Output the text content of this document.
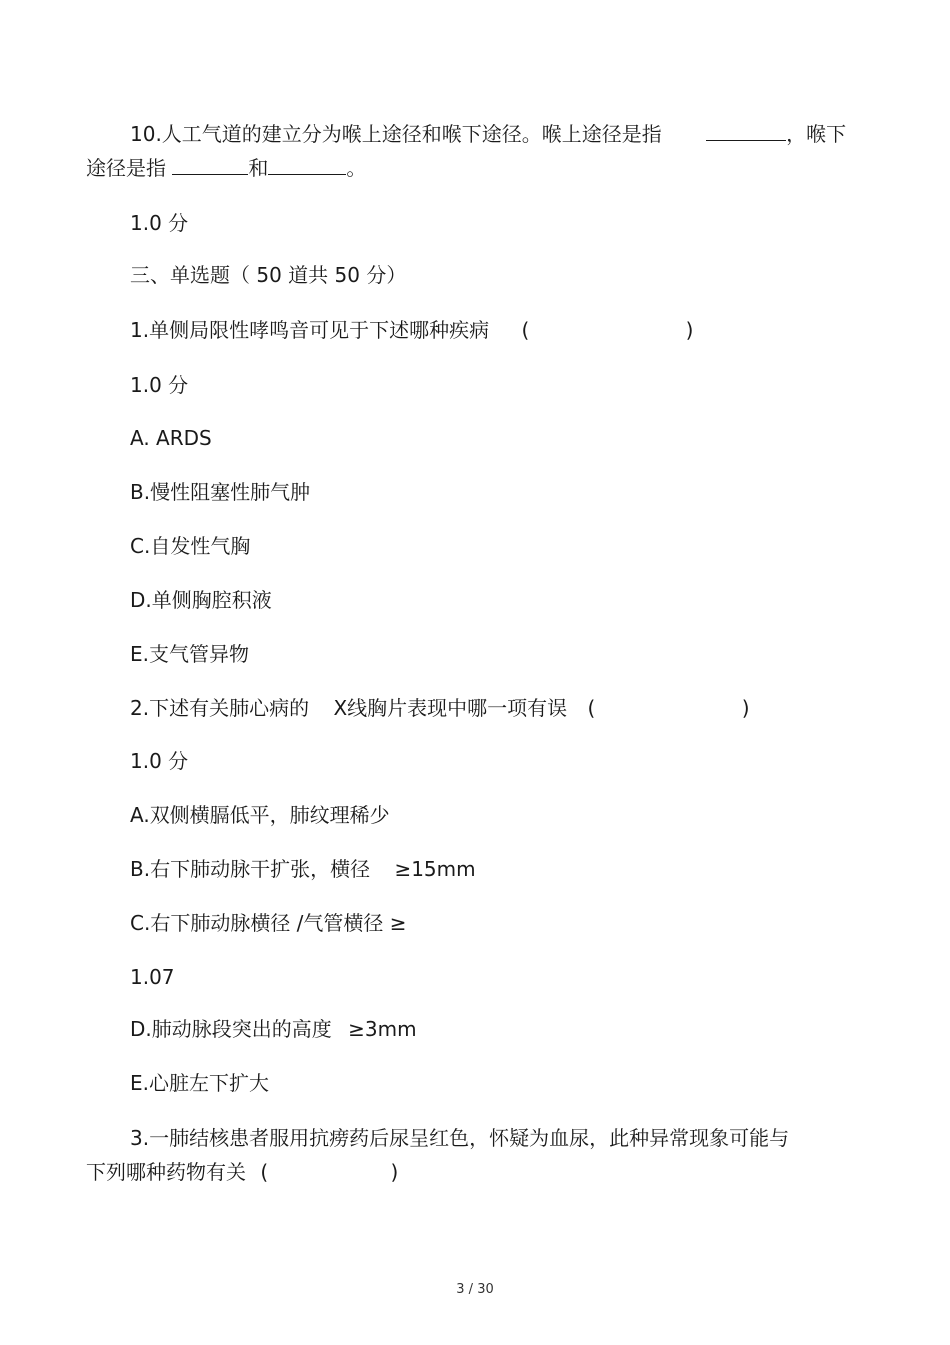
10.人工气道的建立分为喉上途径和喉下途径。喉上途径是指	，喉下
途径是指	和	。
1.0 分
三、单选题（ 50 道共 50 分）
1.单侧局限性哮鸣音可见于下述哪种疾病 (	)
1.0 分
A. ARDS
B.慢性阻塞性肺气肿
C.自发性气胸
D.单侧胸腔积液
E.支气管异物
2.下述有关肺心病的 X线胸片表现中哪一项有误 (	)
1.0 分
A.双侧横膈低平，肺纹理稀少
B.右下肺动脉干扩张，横径 ≥15mm
C.右下肺动脉横径 /气管横径 ≥
1.07
D.肺动脉段突出的高度 ≥3mm
E.心脏左下扩大
3.一肺结核患者服用抗痨药后尿呈红色，怀疑为血尿，此种异常现象可能与
下列哪种药物有关 (	)
3 / 30
